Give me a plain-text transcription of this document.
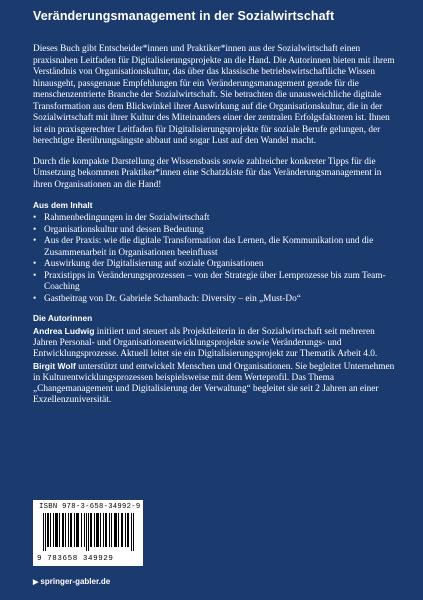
Veränderungsmanagement in der Sozialwirtschaft

Dieses Buch gibt Entscheider*innen und Praktiker*innen aus der Sozialwirtschaft einen praxisnahen Leitfaden für Digitalisierungsprojekte an die Hand. Die Autorinnen bieten mit ihrem Verständnis von Organisationskultur, das über das klassische betriebswirtschaftliche Wissen hinausgeht, passgenaue Empfehlungen für ein Veränderungsmanagement gerade für die menschenzentrierte Branche der Sozialwirtschaft. Sie betrachten die unausweichliche digitale Transformation aus dem Blickwinkel ihrer Auswirkung auf die Organisationskultur, die in der Sozialwirtschaft mit ihrer Kultur des Miteinanders einer der zentralen Erfolgsfaktoren ist. Ihnen ist ein praxisgerechter Leitfaden für Digitalisierungsprojekte für soziale Berufe gelungen, der berechtigte Berührungsängste abbaut und sogar Lust auf den Wandel macht.

Durch die kompakte Darstellung der Wissensbasis sowie zahlreicher konkreter Tipps für die Umsetzung bekommen Praktiker*innen eine Schatzkiste für das Veränderungsmanagement in ihren Organisationen an die Hand!

Aus dem Inhalt
• Rahmenbedingungen in der Sozialwirtschaft
• Organisationskultur und dessen Bedeutung
• Aus der Praxis: wie die digitale Transformation das Lernen, die Kommunikation und die Zusammenarbeit in Organisationen beeinflusst
• Auswirkung der Digitalisierung auf soziale Organisationen
• Praxistipps in Veränderungsprozessen – von der Strategie über Lernprozesse bis zum Team-Coaching
• Gastbeitrag von Dr. Gabriele Schambach: Diversity – ein „Must-Do“
Die Autorinnen
Andrea Ludwig initiiert und steuert als Projektleiterin in der Sozialwirtschaft seit mehreren Jahren Personal- und Organisationsentwicklungsprojekte sowie Veränderungs- und Entwicklungsprozesse. Aktuell leitet sie ein Digitalisierungsprojekt zur Thematik Arbeit 4.0.
Birgit Wolf unterstützt und entwickelt Menschen und Organisationen. Sie begleitet Unternehmen in Kulturentwicklungsprozessen beispielsweise mit dem Werteprofil. Das Thema „Changemanagement und Digitalisierung der Verwaltung“ begleitet sie seit 2 Jahren an einer Exzellenzuniversität.
ISBN 978-3-658-34992-9
9 783658 349929
▶ springer-gabler.de
